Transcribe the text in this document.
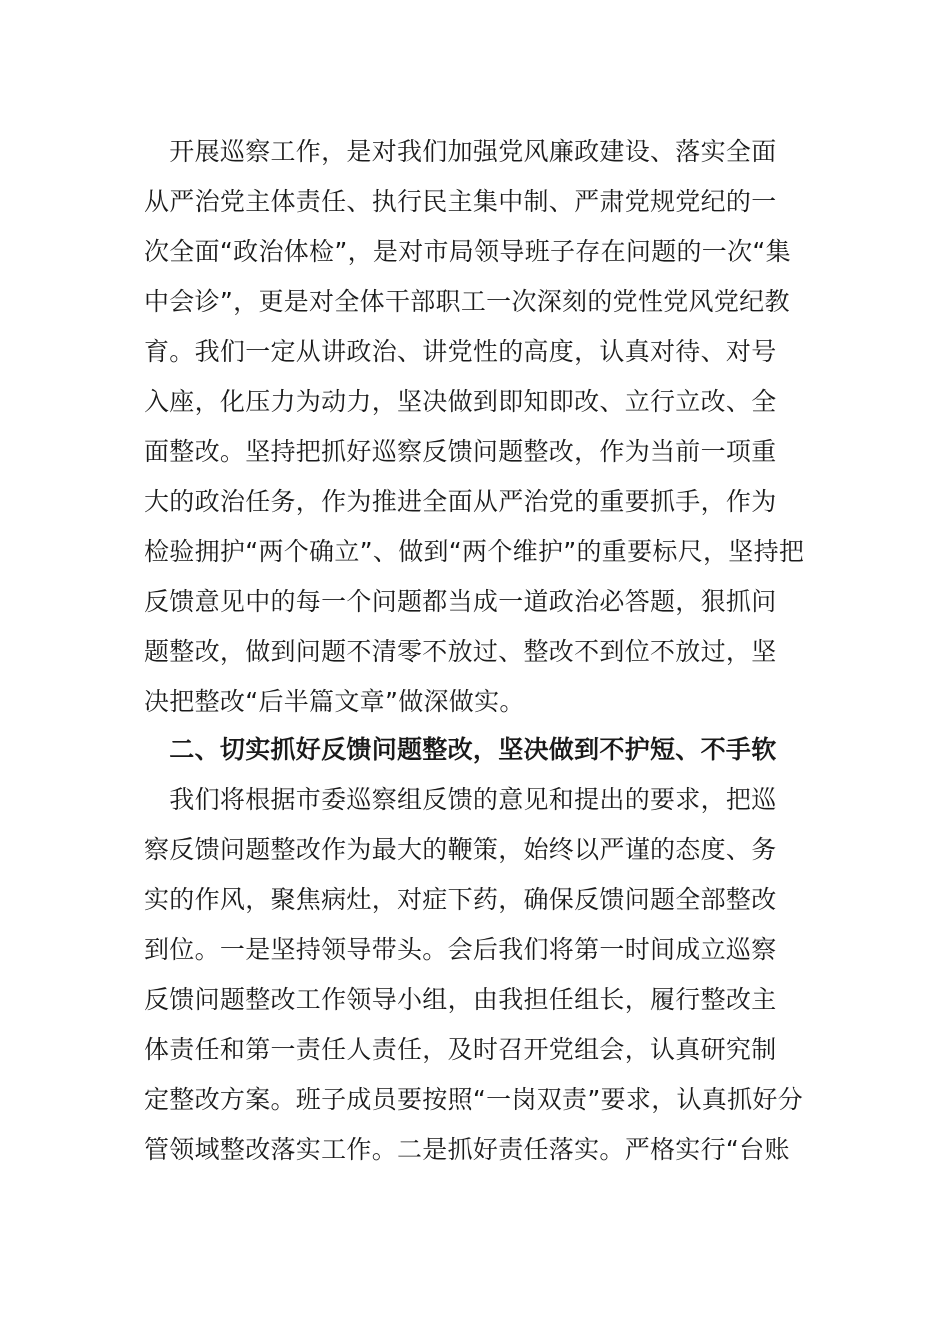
　开展巡察工作，是对我们加强党风廉政建设、落实全面
从严治党主体责任、执行民主集中制、严肃党规党纪的一
次全面“政治体检”，是对市局领导班子存在问题的一次“集
中会诊”，更是对全体干部职工一次深刻的党性党风党纪教
育。我们一定从讲政治、讲党性的高度，认真对待、对号
入座，化压力为动力，坚决做到即知即改、立行立改、全
面整改。坚持把抓好巡察反馈问题整改，作为当前一项重
大的政治任务，作为推进全面从严治党的重要抓手，作为
检验拥护“两个确立”、做到“两个维护”的重要标尺，坚持把
反馈意见中的每一个问题都当成一道政治必答题，狠抓问
题整改，做到问题不清零不放过、整改不到位不放过，坚
决把整改“后半篇文章”做深做实。
　二、切实抓好反馈问题整改，坚决做到不护短、不手软
　我们将根据市委巡察组反馈的意见和提出的要求，把巡
察反馈问题整改作为最大的鞭策，始终以严谨的态度、务
实的作风，聚焦病灶，对症下药，确保反馈问题全部整改
到位。一是坚持领导带头。会后我们将第一时间成立巡察
反馈问题整改工作领导小组，由我担任组长，履行整改主
体责任和第一责任人责任，及时召开党组会，认真研究制
定整改方案。班子成员要按照“一岗双责”要求，认真抓好分
管领域整改落实工作。二是抓好责任落实。严格实行“台账
